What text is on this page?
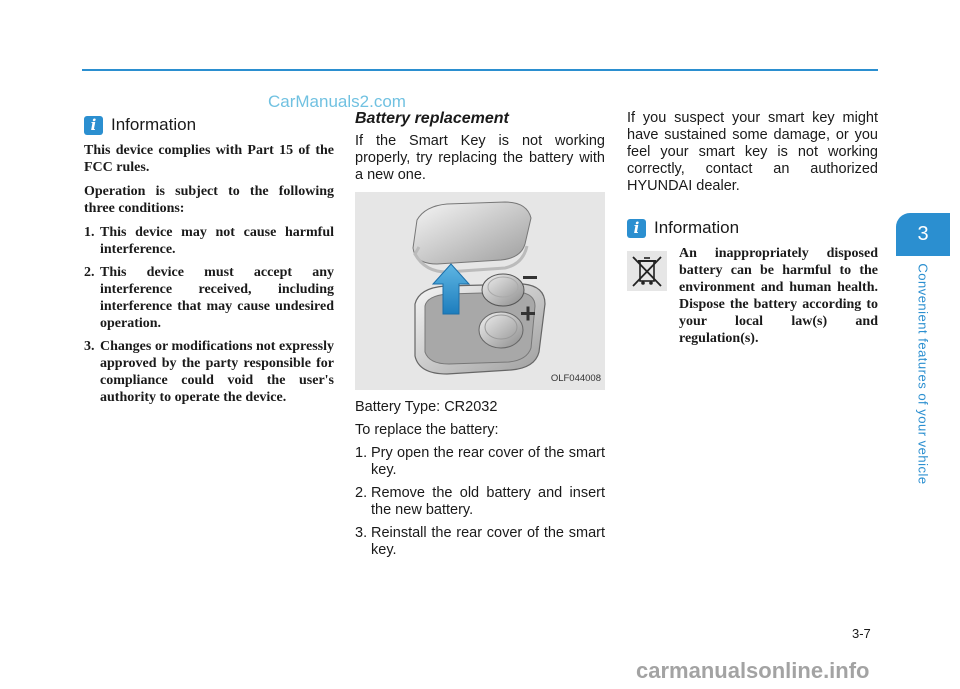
CarManuals2.com
i Information

This device complies with Part 15 of the FCC rules.

Operation is subject to the following three conditions:

1. This device may not cause harmful interference.
2. This device must accept any interference received, including interference that may cause undesired operation.
3. Changes or modifications not expressly approved by the party responsible for compliance could void the user's authority to operate the device.
Battery replacement

If the Smart Key is not working properly, try replacing the battery with a new one.

OLF044008

Battery Type: CR2032

To replace the battery:

1. Pry open the rear cover of the smart key.
2. Remove the old battery and insert the new battery.
3. Reinstall the rear cover of the smart key.

If you suspect your smart key might have sustained some damage, or you feel your smart key is not working correctly, contact an authorized HYUNDAI dealer.

i Information
An inappropriately disposed battery can be harmful to the environment and human health. Dispose the battery according to your local law(s) and regulation(s).
3
Convenient features of your vehicle
3-7
carmanualsonline.info
